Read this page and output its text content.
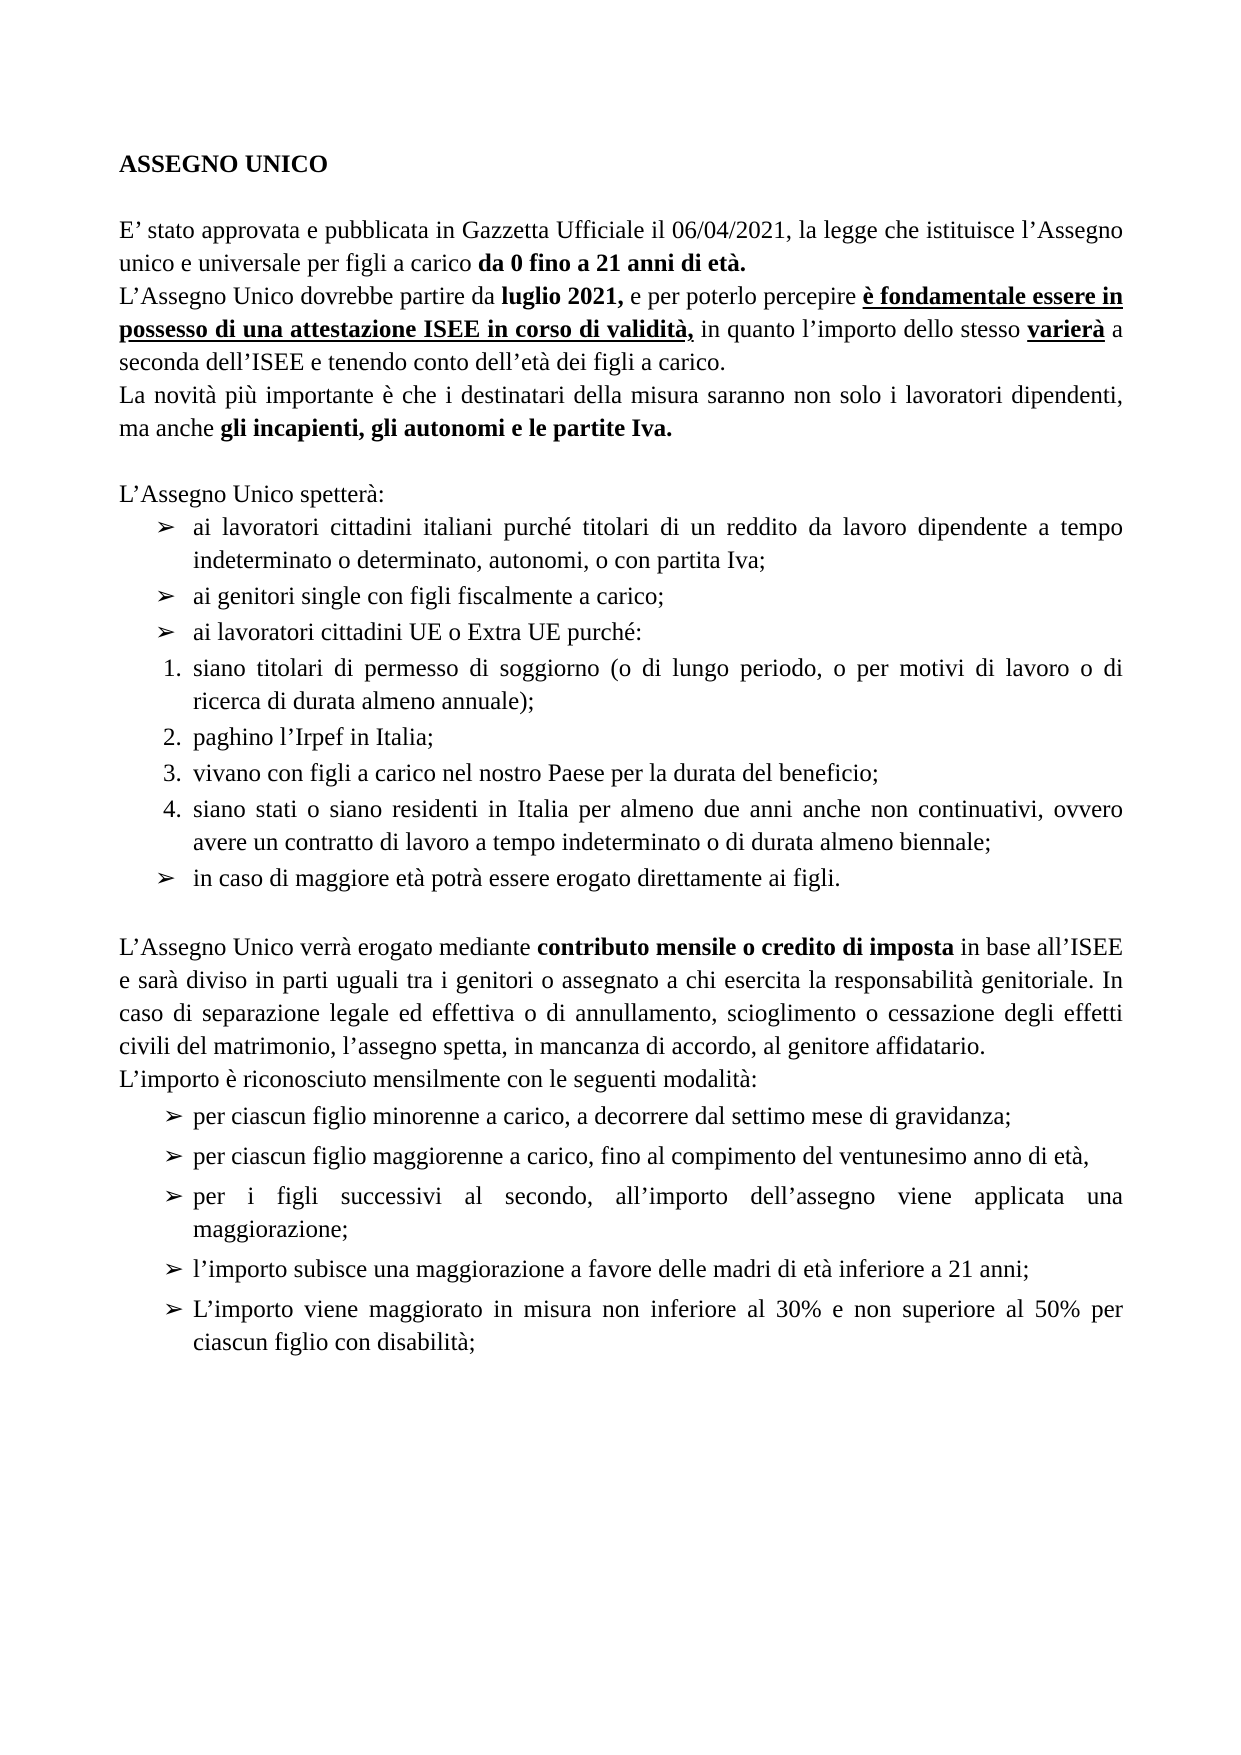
ASSEGNO UNICO

E’ stato approvata e pubblicata in Gazzetta Ufficiale il 06/04/2021, la legge che istituisce l’Assegno unico e universale per figli a carico da 0 fino a 21 anni di età.

L’Assegno Unico dovrebbe partire da luglio 2021, e per poterlo percepire è fondamentale essere in possesso di una attestazione ISEE in corso di validità, in quanto l’importo dello stesso varierà a seconda dell’ISEE e tenendo conto dell’età dei figli a carico.

La novità più importante è che i destinatari della misura saranno non solo i lavoratori dipendenti, ma anche gli incapienti, gli autonomi e le partite Iva.

L’Assegno Unico spetterà:

➢ ai lavoratori cittadini italiani purché titolari di un reddito da lavoro dipendente a tempo indeterminato o determinato, autonomi, o con partita Iva;
➢ ai genitori single con figli fiscalmente a carico;
➢ ai lavoratori cittadini UE o Extra UE purché:
1. siano titolari di permesso di soggiorno (o di lungo periodo, o per motivi di lavoro o di ricerca di durata almeno annuale);
2. paghino l’Irpef in Italia;
3. vivano con figli a carico nel nostro Paese per la durata del beneficio;
4. siano stati o siano residenti in Italia per almeno due anni anche non continuativi, ovvero avere un contratto di lavoro a tempo indeterminato o di durata almeno biennale;
➢ in caso di maggiore età potrà essere erogato direttamente ai figli.

L’Assegno Unico verrà erogato mediante contributo mensile o credito di imposta in base all’ISEE e sarà diviso in parti uguali tra i genitori o assegnato a chi esercita la responsabilità genitoriale. In caso di separazione legale ed effettiva o di annullamento, scioglimento o cessazione degli effetti civili del matrimonio, l’assegno spetta, in mancanza di accordo, al genitore affidatario.

L’importo è riconosciuto mensilmente con le seguenti modalità:

➢ per ciascun figlio minorenne a carico, a decorrere dal settimo mese di gravidanza;
➢ per ciascun figlio maggiorenne a carico, fino al compimento del ventunesimo anno di età,
➢ per i figli successivi al secondo, all’importo dell’assegno viene applicata una maggiorazione;
➢ l’importo subisce una maggiorazione a favore delle madri di età inferiore a 21 anni;
➢ L’importo viene maggiorato in misura non inferiore al 30% e non superiore al 50% per ciascun figlio con disabilità;
